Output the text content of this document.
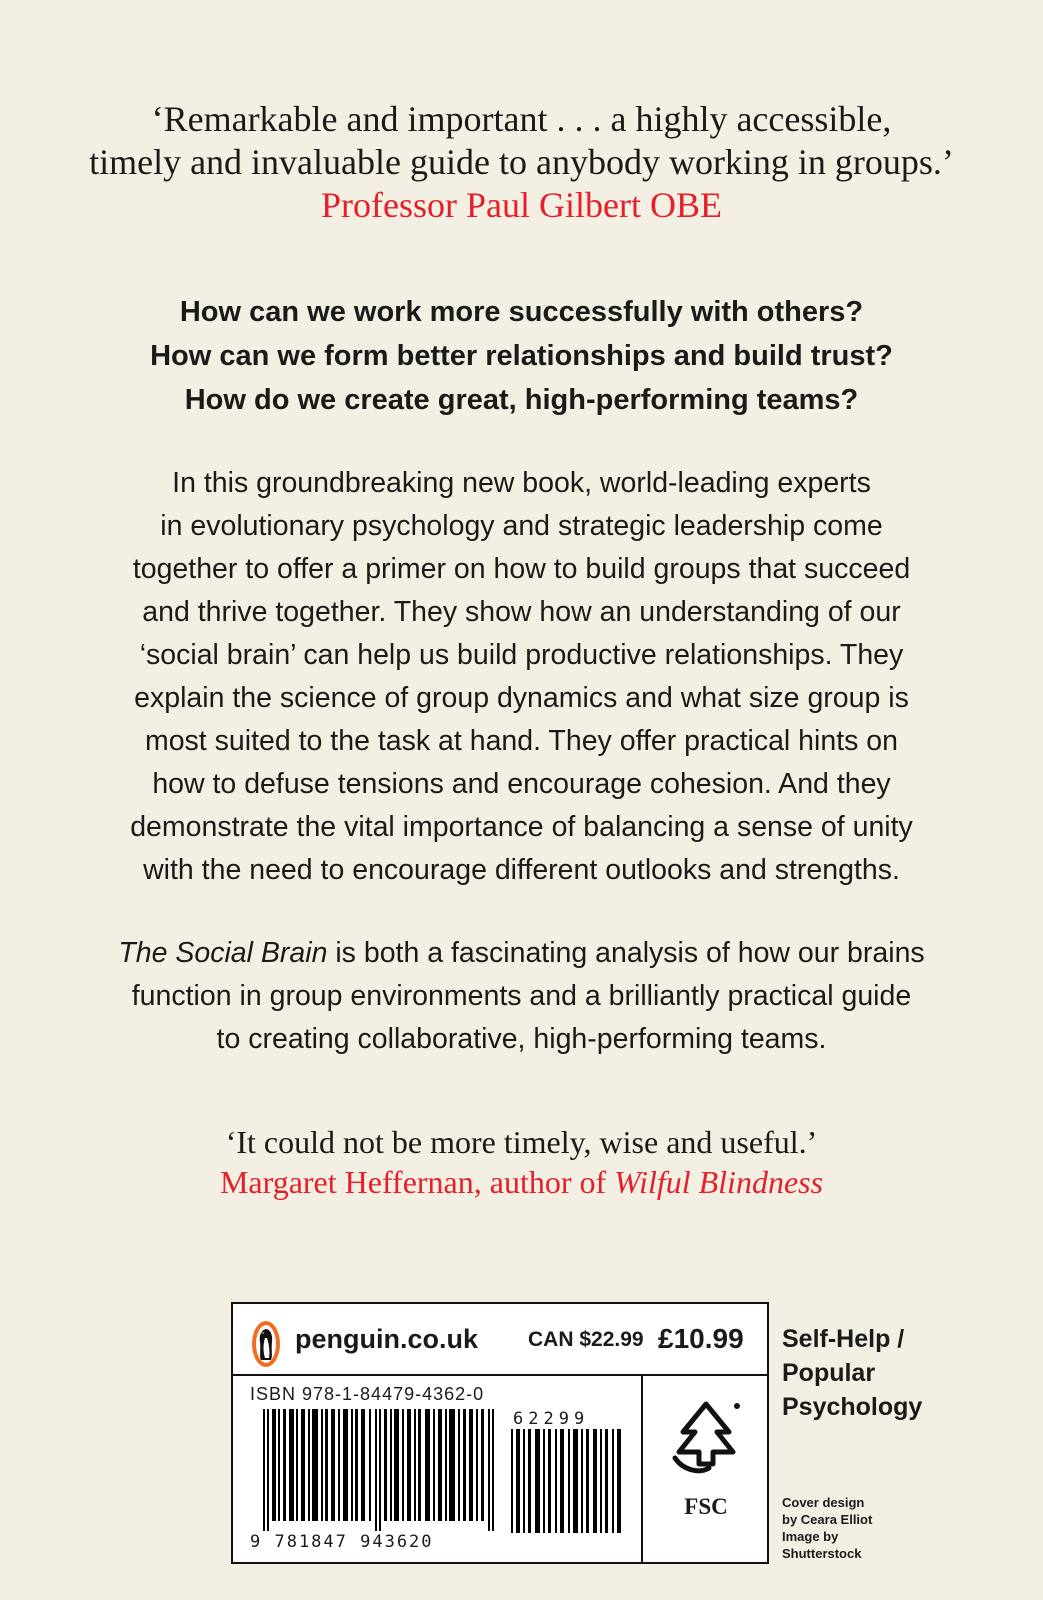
‘Remarkable and important . . . a highly accessible,
timely and invaluable guide to anybody working in groups.’
Professor Paul Gilbert OBE
How can we work more successfully with others?
How can we form better relationships and build trust?
How do we create great, high-performing teams?
In this groundbreaking new book, world-leading experts
in evolutionary psychology and strategic leadership come
together to offer a primer on how to build groups that succeed
and thrive together. They show how an understanding of our
‘social brain’ can help us build productive relationships. They
explain the science of group dynamics and what size group is
most suited to the task at hand. They offer practical hints on
how to defuse tensions and encourage cohesion. And they
demonstrate the vital importance of balancing a sense of unity
with the need to encourage different outlooks and strengths.
The Social Brain is both a fascinating analysis of how our brains
function in group environments and a brilliantly practical guide
to creating collaborative, high-performing teams.
‘It could not be more timely, wise and useful.’
Margaret Heffernan, author of Wilful Blindness
penguin.co.uk CAN $22.99 £10.99
ISBN 978-1-84479-4362-0
62299
9 781847 943620
FSC
Self-Help /
Popular
Psychology
Cover design
by Ceara Elliot
Image by
Shutterstock
